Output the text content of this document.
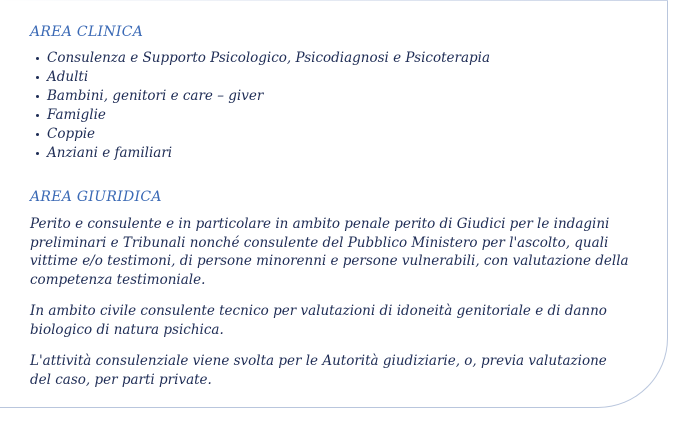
AREA CLINICA
Consulenza e Supporto Psicologico, Psicodiagnosi e Psicoterapia
Adulti
Bambini, genitori e care – giver
Famiglie
Coppie
Anziani e familiari
AREA GIURIDICA

Perito e consulente e in particolare in ambito penale perito di Giudici per le indagini preliminari e Tribunali nonché consulente del Pubblico Ministero per l'ascolto, quali vittime e/o testimoni, di persone minorenni e persone vulnerabili, con valutazione della competenza testimoniale.

In ambito civile consulente tecnico per valutazioni di idoneità genitoriale e di danno biologico di natura psichica.

L'attività consulenziale viene svolta per le Autorità giudiziarie, o, previa valutazione del caso, per parti private.
